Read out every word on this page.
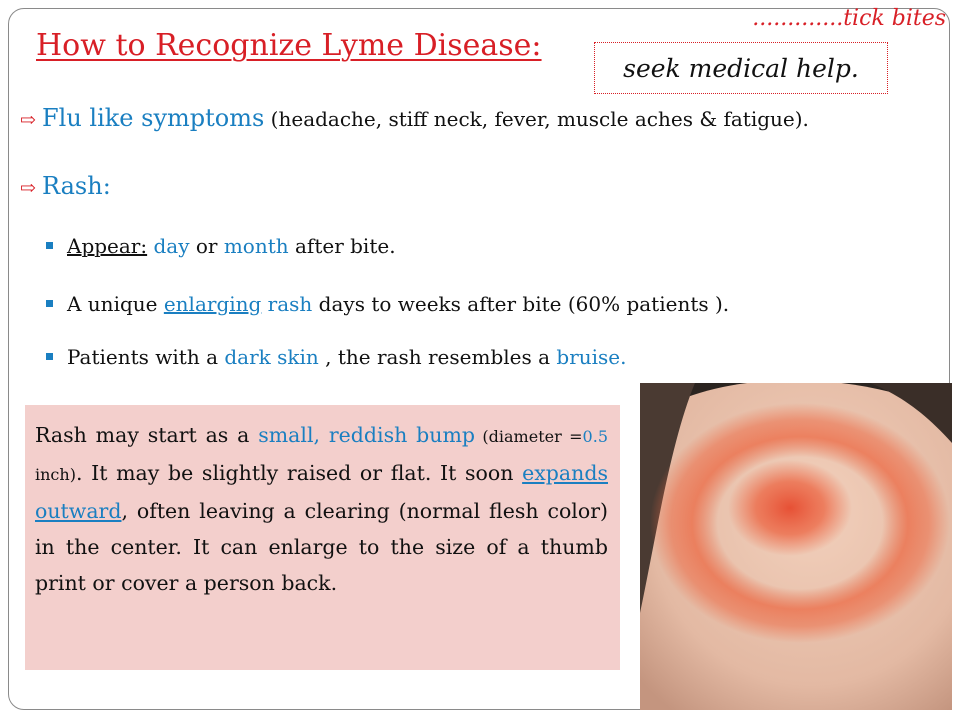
How to Recognize Lyme Disease:
.............tick bites
seek medical help.
⇨ Flu like symptoms (headache, stiff neck, fever, muscle aches & fatigue).
⇨ Rash:
Appear: day or month after bite.
A unique enlarging rash days to weeks after bite (60% patients ).
Patients with a dark skin , the rash resembles a bruise.
Rash may start as a small, reddish bump (diameter =0.5 inch). It may be slightly raised or flat. It soon expands outward, often leaving a clearing (normal flesh color) in the center. It can enlarge to the size of a thumb print or cover a person back.
